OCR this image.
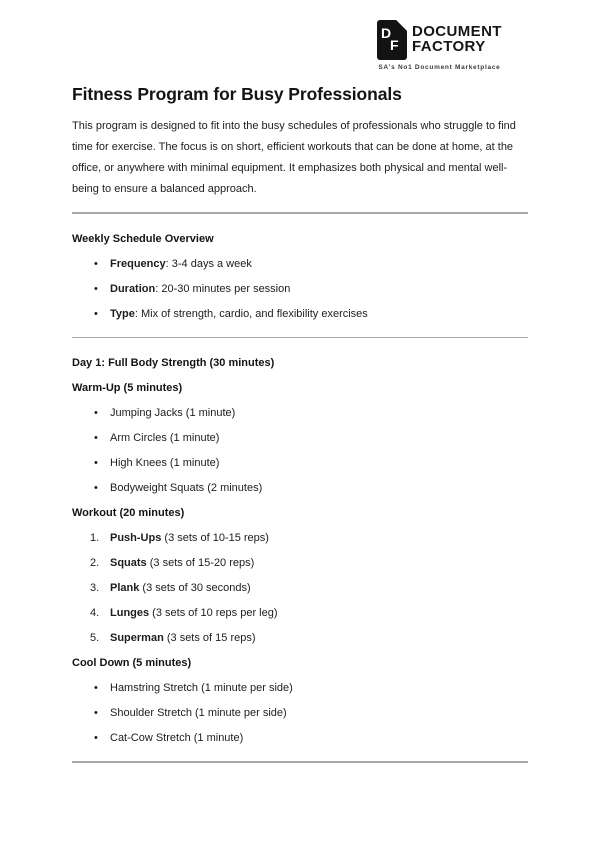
D
F
DOCUMENT
FACTORY
SA's No1 Document Marketplace
Fitness Program for Busy Professionals

This program is designed to fit into the busy schedules of professionals who struggle to find time for exercise. The focus is on short, efficient workouts that can be done at home, at the office, or anywhere with minimal equipment. It emphasizes both physical and mental well-being to ensure a balanced approach.

Weekly Schedule Overview
•	Frequency: 3-4 days a week
•	Duration: 20-30 minutes per session
•	Type: Mix of strength, cardio, and flexibility exercises
Day 1: Full Body Strength (30 minutes)
Warm-Up (5 minutes)
•	Jumping Jacks (1 minute)
•	Arm Circles (1 minute)
•	High Knees (1 minute)
•	Bodyweight Squats (2 minutes)
Workout (20 minutes)
1. Push-Ups (3 sets of 10-15 reps)
2. Squats (3 sets of 15-20 reps)
3. Plank (3 sets of 30 seconds)
4. Lunges (3 sets of 10 reps per leg)
5. Superman (3 sets of 15 reps)
Cool Down (5 minutes)
•	Hamstring Stretch (1 minute per side)
•	Shoulder Stretch (1 minute per side)
•	Cat-Cow Stretch (1 minute)
